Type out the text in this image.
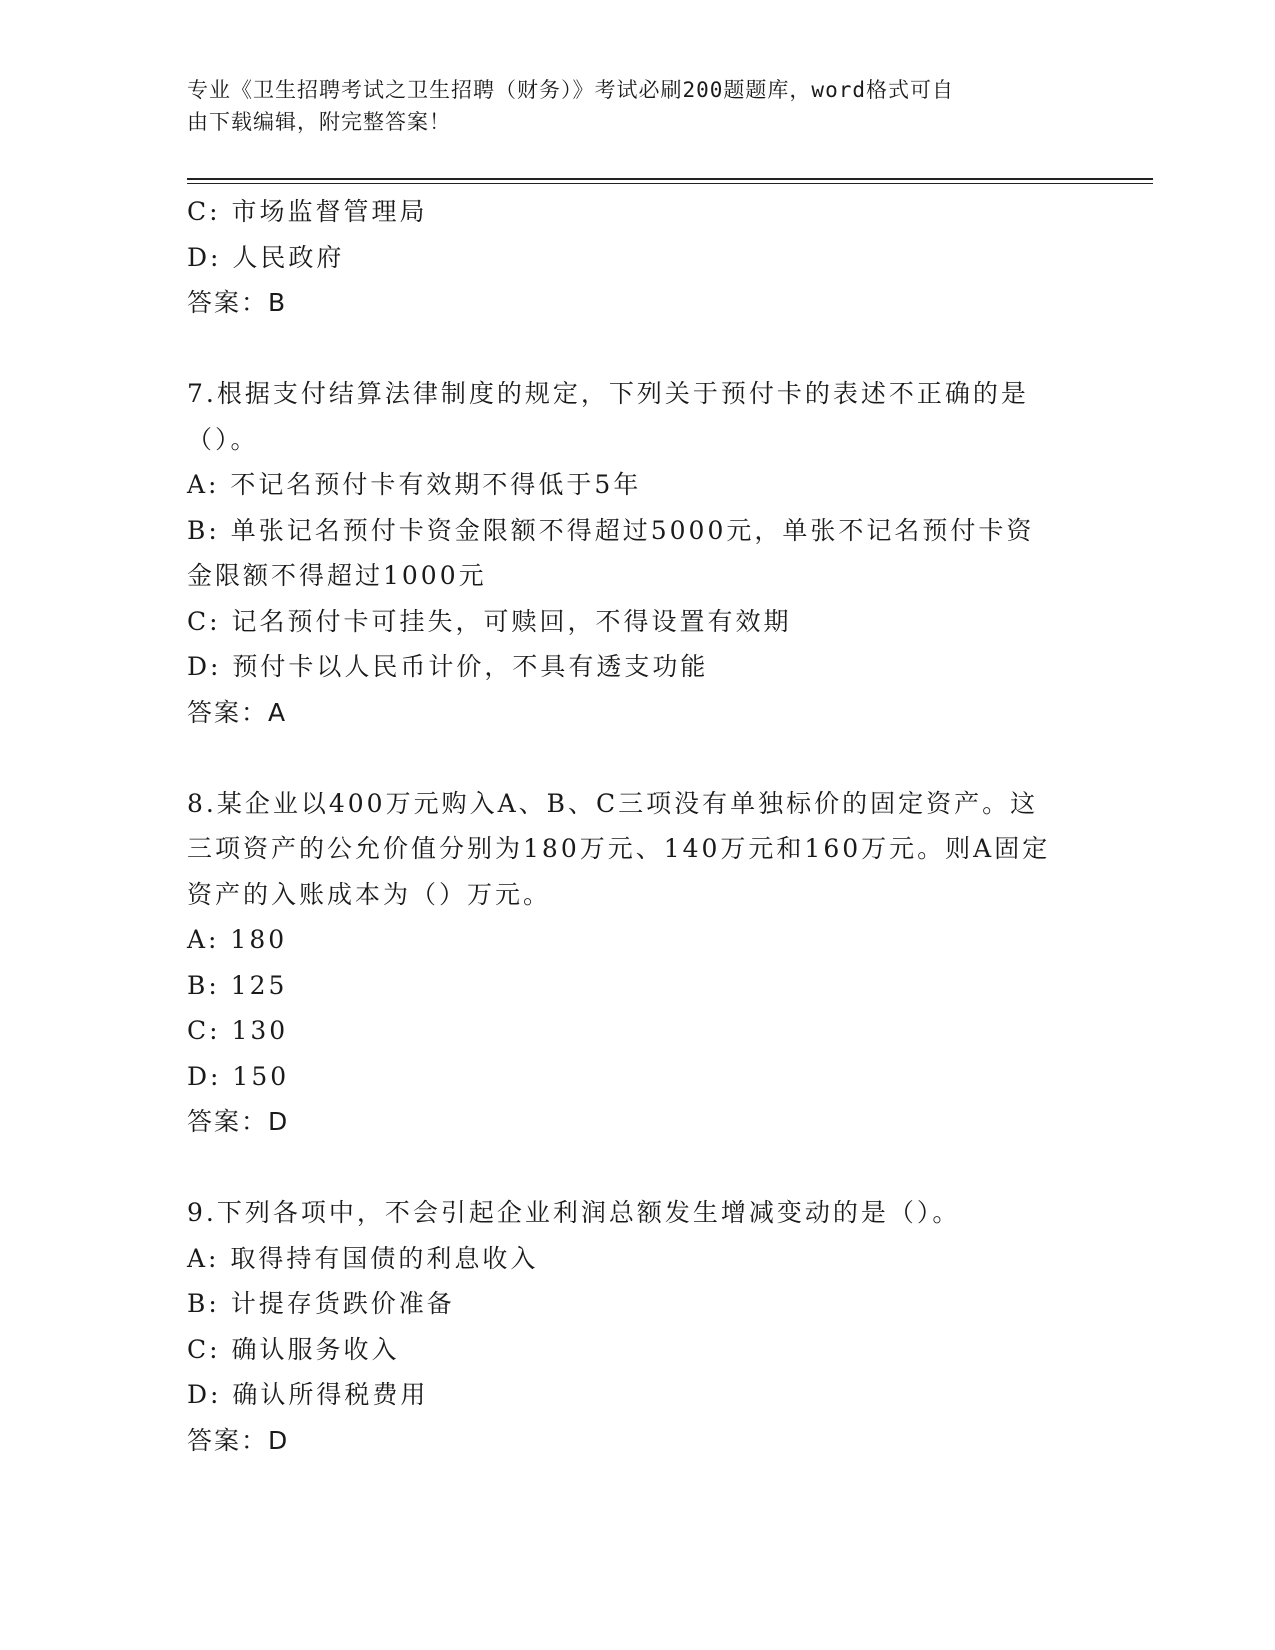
专业《卫生招聘考试之卫生招聘（财务）》考试必刷200题题库，word格式可自
由下载编辑，附完整答案！
C: 市场监督管理局
D: 人民政府
答案：B
7.根据支付结算法律制度的规定，下列关于预付卡的表述不正确的是
（）。
A: 不记名预付卡有效期不得低于5年
B: 单张记名预付卡资金限额不得超过5000元，单张不记名预付卡资
金限额不得超过1000元
C: 记名预付卡可挂失，可赎回，不得设置有效期
D: 预付卡以人民币计价，不具有透支功能
答案：A
8.某企业以400万元购入A、B、C三项没有单独标价的固定资产。这
三项资产的公允价值分别为180万元、140万元和160万元。则A固定
资产的入账成本为（）万元。
A: 180
B: 125
C: 130
D: 150
答案：D
9.下列各项中，不会引起企业利润总额发生增减变动的是（）。
A: 取得持有国债的利息收入
B: 计提存货跌价准备
C: 确认服务收入
D: 确认所得税费用
答案：D
